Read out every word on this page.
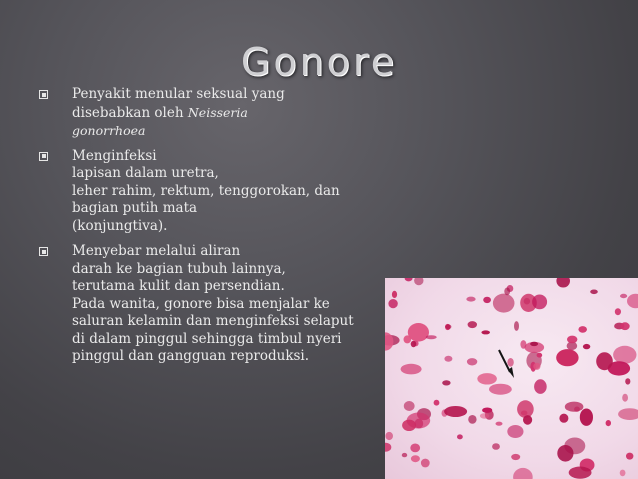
Gonore
Penyakit menular seksual yang
disebabkan oleh Neisseria
gonorrhoea
Menginfeksi
lapisan dalam uretra,
leher rahim, rektum, tenggorokan, dan
bagian putih mata
(konjungtiva).
Menyebar melalui aliran
darah ke bagian tubuh lainnya,
terutama kulit dan persendian.
Pada wanita, gonore bisa menjalar ke
saluran kelamin dan menginfeksi selaput
di dalam pinggul sehingga timbul nyeri
pinggul dan gangguan reproduksi.
